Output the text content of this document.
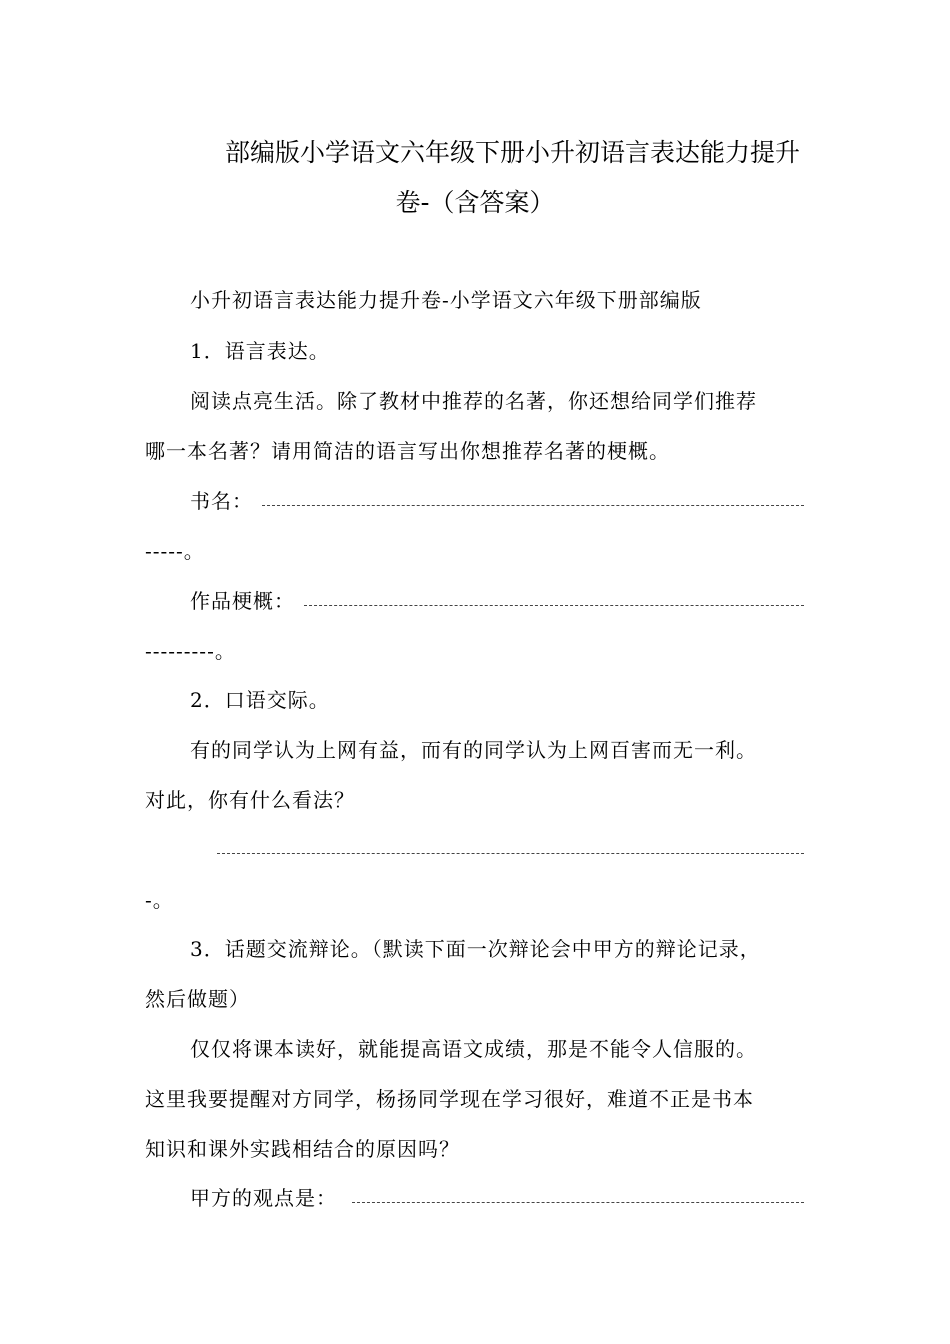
部编版小学语文六年级下册小升初语言表达能力提升
卷-（含答案）
小升初语言表达能力提升卷-小学语文六年级下册部编版
1．语言表达。
阅读点亮生活。除了教材中推荐的名著，你还想给同学们推荐
哪一本名著？请用简洁的语言写出你想推荐名著的梗概。
书名：
-----。
作品梗概：
---------。
2．口语交际。
有的同学认为上网有益，而有的同学认为上网百害而无一利。
对此，你有什么看法？
-。
3．话题交流辩论。（默读下面一次辩论会中甲方的辩论记录，
然后做题）
仅仅将课本读好，就能提高语文成绩，那是不能令人信服的。
这里我要提醒对方同学，杨扬同学现在学习很好，难道不正是书本
知识和课外实践相结合的原因吗？
甲方的观点是：
